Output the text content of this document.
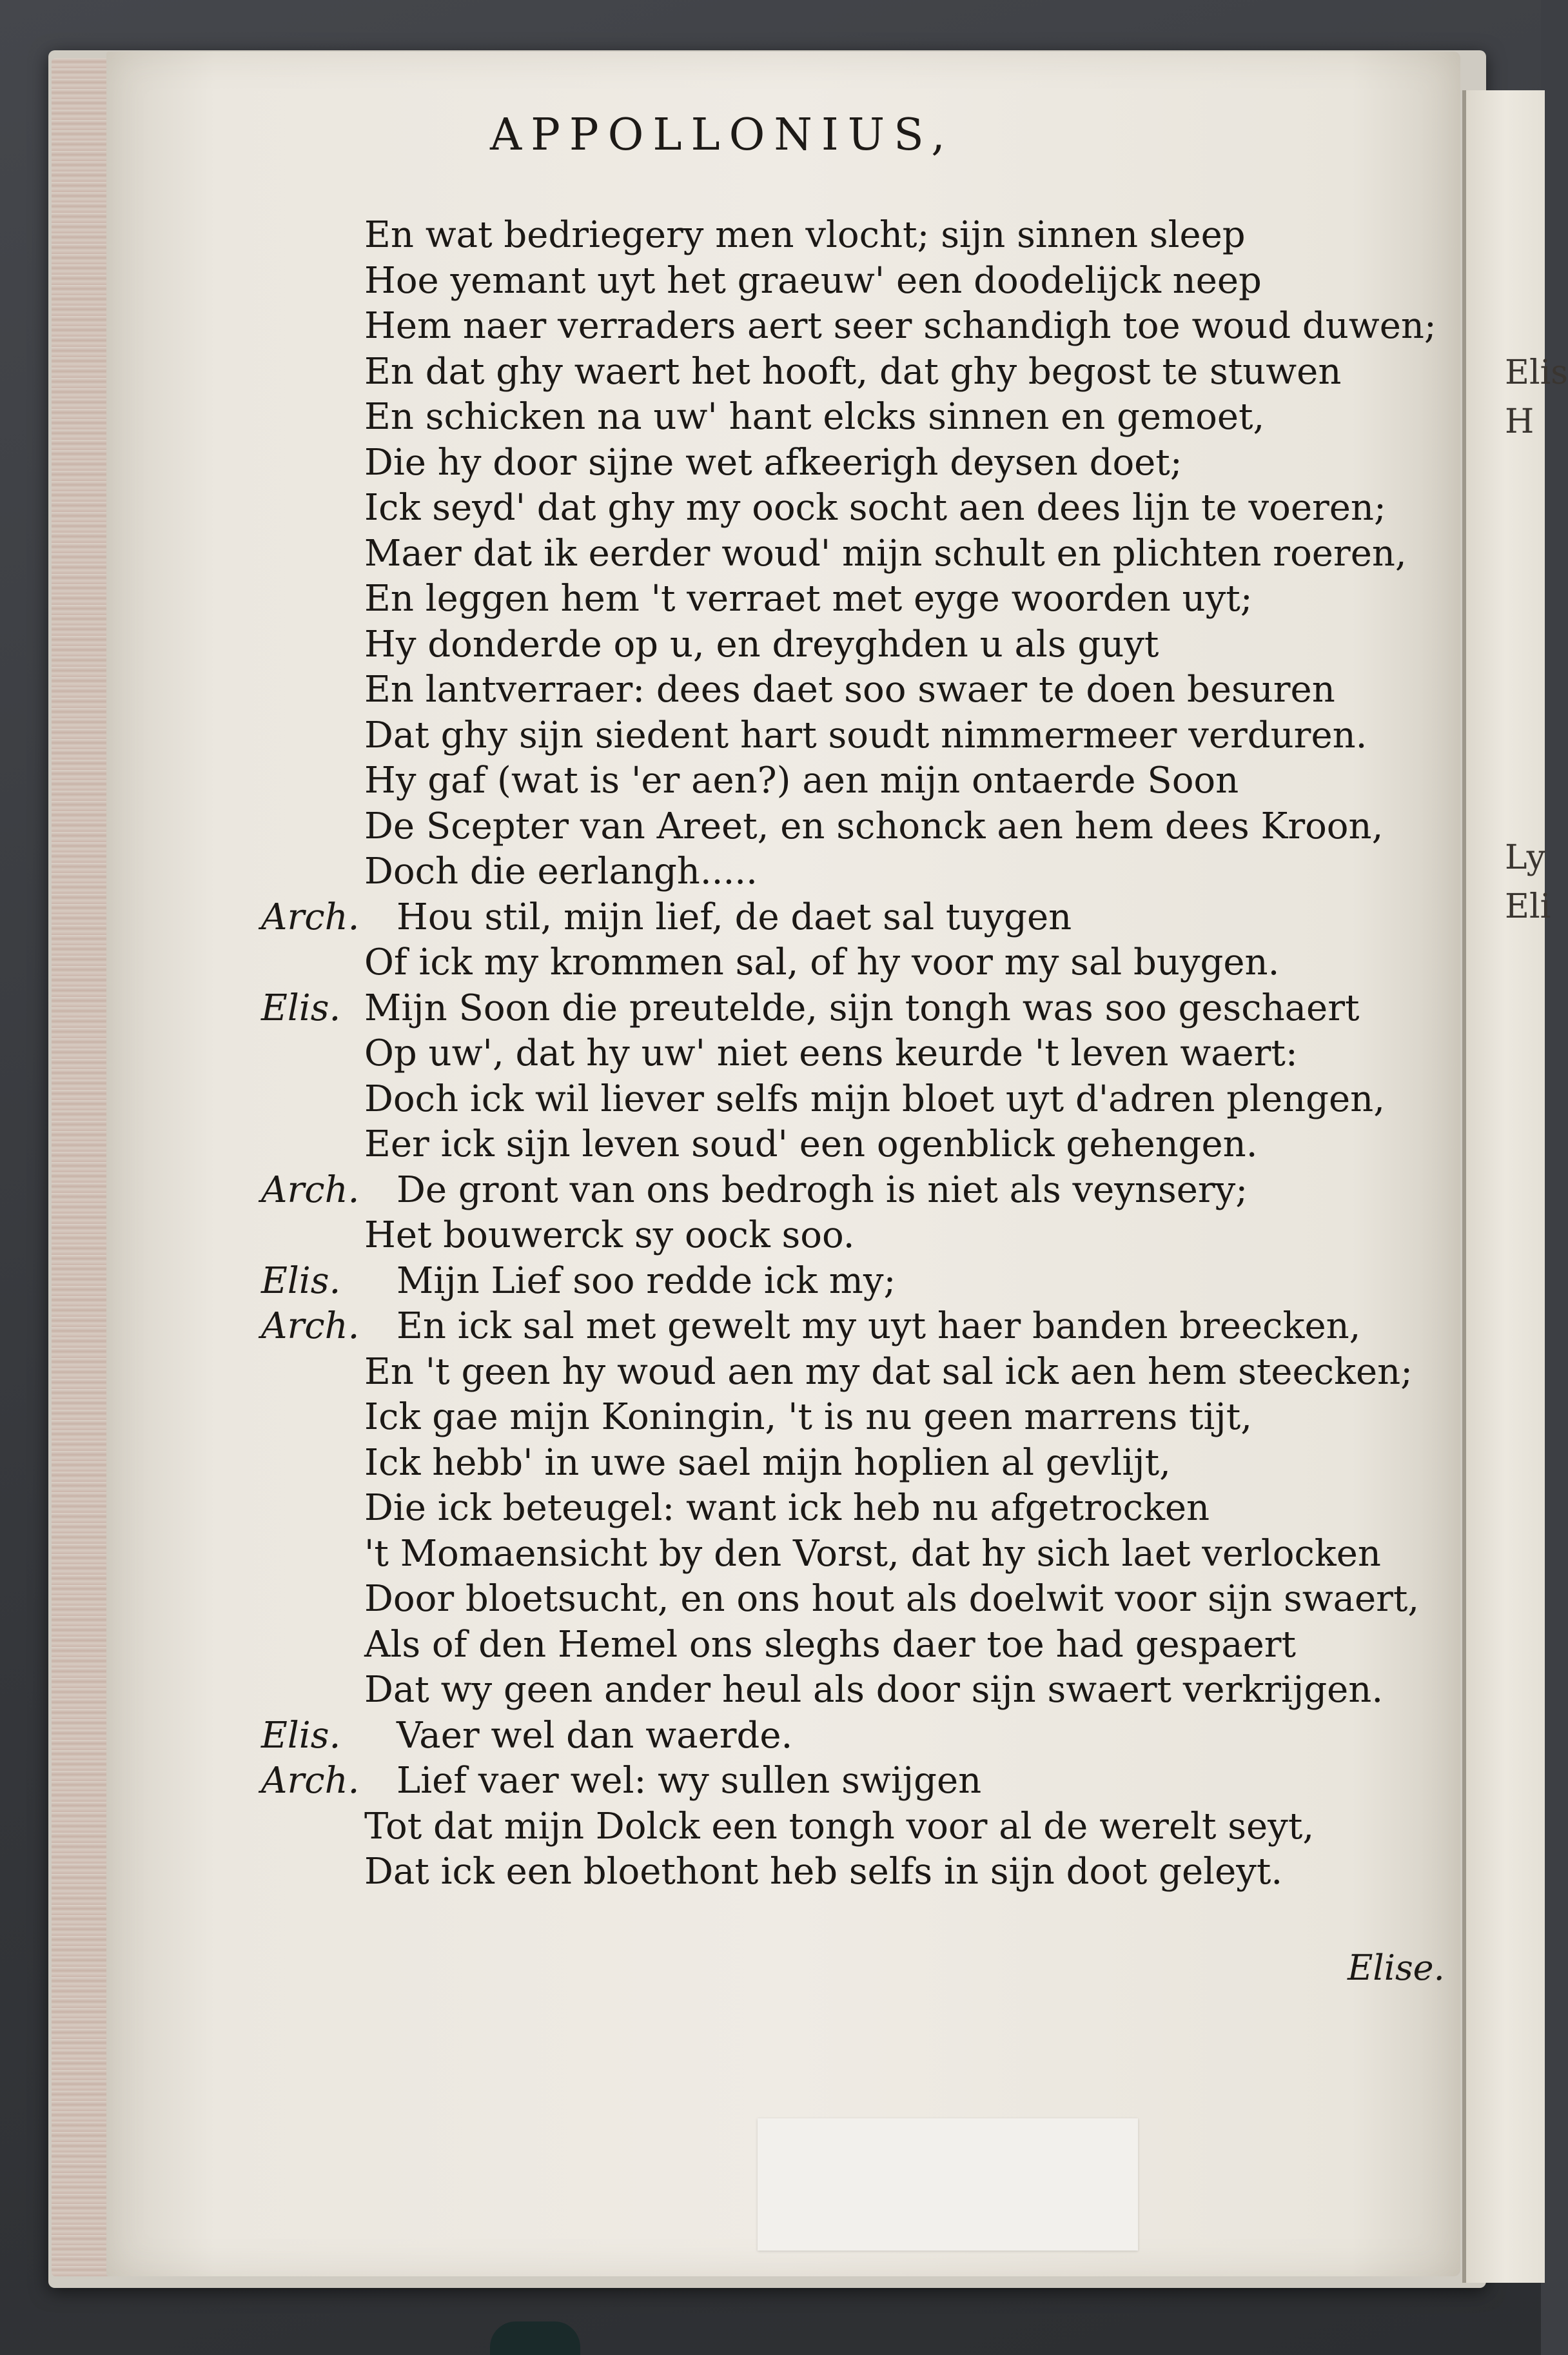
Elis
H
Ly
Eli
APPOLLONIUS,
En wat bedriegery men vlocht; sijn sinnen sleep
Hoe yemant uyt het graeuw' een doodelijck neep
Hem naer verraders aert seer schandigh toe woud duwen;
En dat ghy waert het hooft, dat ghy begost te stuwen
En schicken na uw' hant elcks sinnen en gemoet,
Die hy door sijne wet afkeerigh deysen doet;
Ick seyd' dat ghy my oock socht aen dees lijn te voeren;
Maer dat ik eerder woud' mijn schult en plichten roeren,
En leggen hem 't verraet met eyge woorden uyt;
Hy donderde op u, en dreyghden u als guyt
En lantverraer: dees daet soo swaer te doen besuren
Dat ghy sijn siedent hart soudt nimmermeer verduren.
Hy gaf (wat is 'er aen?) aen mijn ontaerde Soon
De Scepter van Areet, en schonck aen hem dees Kroon,
Doch die eerlangh.....
Arch. Hou stil, mijn lief, de daet sal tuygen
Of ick my krommen sal, of hy voor my sal buygen.
Elis. Mijn Soon die preutelde, sijn tongh was soo geschaert
Op uw', dat hy uw' niet eens keurde 't leven waert:
Doch ick wil liever selfs mijn bloet uyt d'adren plengen,
Eer ick sijn leven soud' een ogenblick gehengen.
Arch. De gront van ons bedrogh is niet als veynsery;
Het bouwerck sy oock soo.
Elis.	Mijn Lief soo redde ick my;
Arch. En ick sal met gewelt my uyt haer banden breecken,
En 't geen hy woud aen my dat sal ick aen hem steecken;
Ick gae mijn Koningin, 't is nu geen marrens tijt,
Ick hebb' in uwe sael mijn hoplien al gevlijt,
Die ick beteugel: want ick heb nu afgetrocken
't Momaensicht by den Vorst, dat hy sich laet verlocken
Door bloetsucht, en ons hout als doelwit voor sijn swaert,
Als of den Hemel ons sleghs daer toe had gespaert
Dat wy geen ander heul als door sijn swaert verkrijgen.
Elis.	Vaer wel dan waerde.
Arch. Lief vaer wel: wy sullen swijgen
Tot dat mijn Dolck een tongh voor al de werelt seyt,
Dat ick een bloethont heb selfs in sijn doot geleyt.
Elise.
